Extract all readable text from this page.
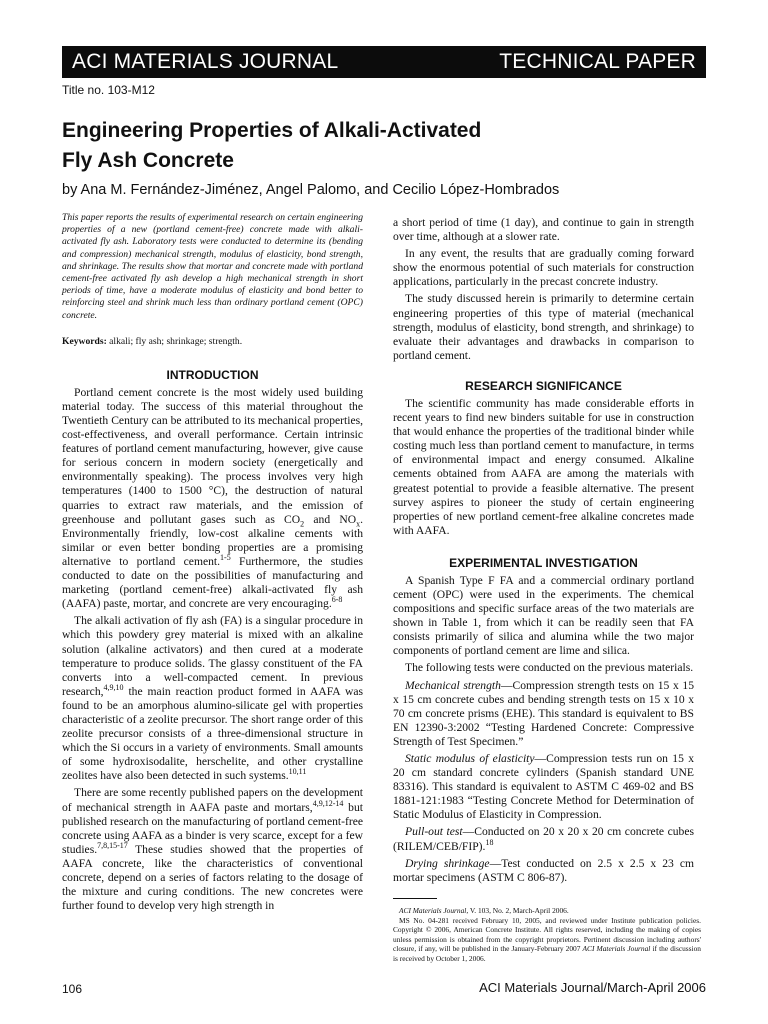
ACI MATERIALS JOURNAL	TECHNICAL PAPER
Title no. 103-M12
Engineering Properties of Alkali-Activated
Fly Ash Concrete
by Ana M. Fernández-Jiménez, Angel Palomo, and Cecilio López-Hombrados

This paper reports the results of experimental research on certain engineering properties of a new (portland cement-free) concrete made with alkali-activated fly ash. Laboratory tests were conducted to determine its (bending and compression) mechanical strength, modulus of elasticity, bond strength, and shrinkage. The results show that mortar and concrete made with portland cement-free activated fly ash develop a high mechanical strength in short periods of time, have a moderate modulus of elasticity and bond better to reinforcing steel and shrink much less than ordinary portland cement (OPC) concrete.

Keywords: alkali; fly ash; shrinkage; strength.

INTRODUCTION

Portland cement concrete is the most widely used building material today. The success of this material throughout the Twentieth Century can be attributed to its mechanical properties, cost-effectiveness, and overall performance. Certain intrinsic features of portland cement manufacturing, however, give cause for serious concern in modern society (energetically and environmentally speaking). The process involves very high temperatures (1400 to 1500 °C), the destruction of natural quarries to extract raw materials, and the emission of greenhouse and pollutant gases such as $CO_2$ and $NO_x$. Environmentally friendly, low-cost alkaline cements with similar or even better bonding properties are a promising alternative to portland cement.$^{1-5}$ Furthermore, the studies conducted to date on the possibilities of manufacturing and marketing (portland cement-free) alkali-activated fly ash (AAFA) paste, mortar, and concrete are very encouraging.$^{6-8}$

The alkali activation of fly ash (FA) is a singular procedure in which this powdery grey material is mixed with an alkaline solution (alkaline activators) and then cured at a moderate temperature to produce solids. The glassy constituent of the FA converts into a well-compacted cement. In previous research,$^{4,9,10}$ the main reaction product formed in AAFA was found to be an amorphous alumino-silicate gel with properties characteristic of a zeolite precursor. The short range order of this zeolite precursor consists of a three-dimensional structure in which the Si occurs in a variety of environments. Small amounts of some hydroxisodalite, herschelite, and other crystalline zeolites have also been detected in such systems.$^{10,11}$

There are some recently published papers on the development of mechanical strength in AAFA paste and mortars,$^{4,9,12-14}$ but published research on the manufacturing of portland cement-free concrete using AAFA as a binder is very scarce, except for a few studies.$^{7,8,15-17}$ These studies showed that the properties of AAFA concrete, like the characteristics of conventional concrete, depend on a series of factors relating to the dosage of the mixture and curing conditions. The new concretes were further found to develop very high strength in

a short period of time (1 day), and continue to gain in strength over time, although at a slower rate.

In any event, the results that are gradually coming forward show the enormous potential of such materials for construction applications, particularly in the precast concrete industry.

The study discussed herein is primarily to determine certain engineering properties of this type of material (mechanical strength, modulus of elasticity, bond strength, and shrinkage) to evaluate their advantages and drawbacks in comparison to portland cement.

RESEARCH SIGNIFICANCE

The scientific community has made considerable efforts in recent years to find new binders suitable for use in construction that would enhance the properties of the traditional binder while costing much less than portland cement to manufacture, in terms of environmental impact and energy consumed. Alkaline cements obtained from AAFA are among the materials with greatest potential to provide a feasible alternative. The present survey aspires to pioneer the study of certain engineering properties of new portland cement-free alkaline concretes made with AAFA.

EXPERIMENTAL INVESTIGATION

A Spanish Type F FA and a commercial ordinary portland cement (OPC) were used in the experiments. The chemical compositions and specific surface areas of the two materials are shown in Table 1, from which it can be readily seen that FA consists primarily of silica and alumina while the two major components of portland cement are lime and silica.

The following tests were conducted on the previous materials.

Mechanical strength—Compression strength tests on 15 x 15 x 15 cm concrete cubes and bending strength tests on 15 x 10 x 70 cm concrete prisms (EHE). This standard is equivalent to BS EN 12390-3:2002 “Testing Hardened Concrete: Compressive Strength of Test Specimen.”

Static modulus of elasticity—Compression tests run on 15 x 20 cm standard concrete cylinders (Spanish standard UNE 83316). This standard is equivalent to ASTM C 469-02 and BS 1881-121:1983 “Testing Concrete Method for Determination of Static Modulus of Elasticity in Compression.

Pull-out test—Conducted on 20 x 20 x 20 cm concrete cubes (RILEM/CEB/FIP).$^{18}$

Drying shrinkage—Test conducted on 2.5 x 2.5 x 23 cm mortar specimens (ASTM C 806-87).

ACI Materials Journal, V. 103, No. 2, March-April 2006.

MS No. 04-281 received February 10, 2005, and reviewed under Institute publication policies. Copyright © 2006, American Concrete Institute. All rights reserved, including the making of copies unless permission is obtained from the copyright proprietors. Pertinent discussion including authors' closure, if any, will be published in the January-February 2007 ACI Materials Journal if the discussion is received by October 1, 2006.

106	ACI Materials Journal/March-April 2006
